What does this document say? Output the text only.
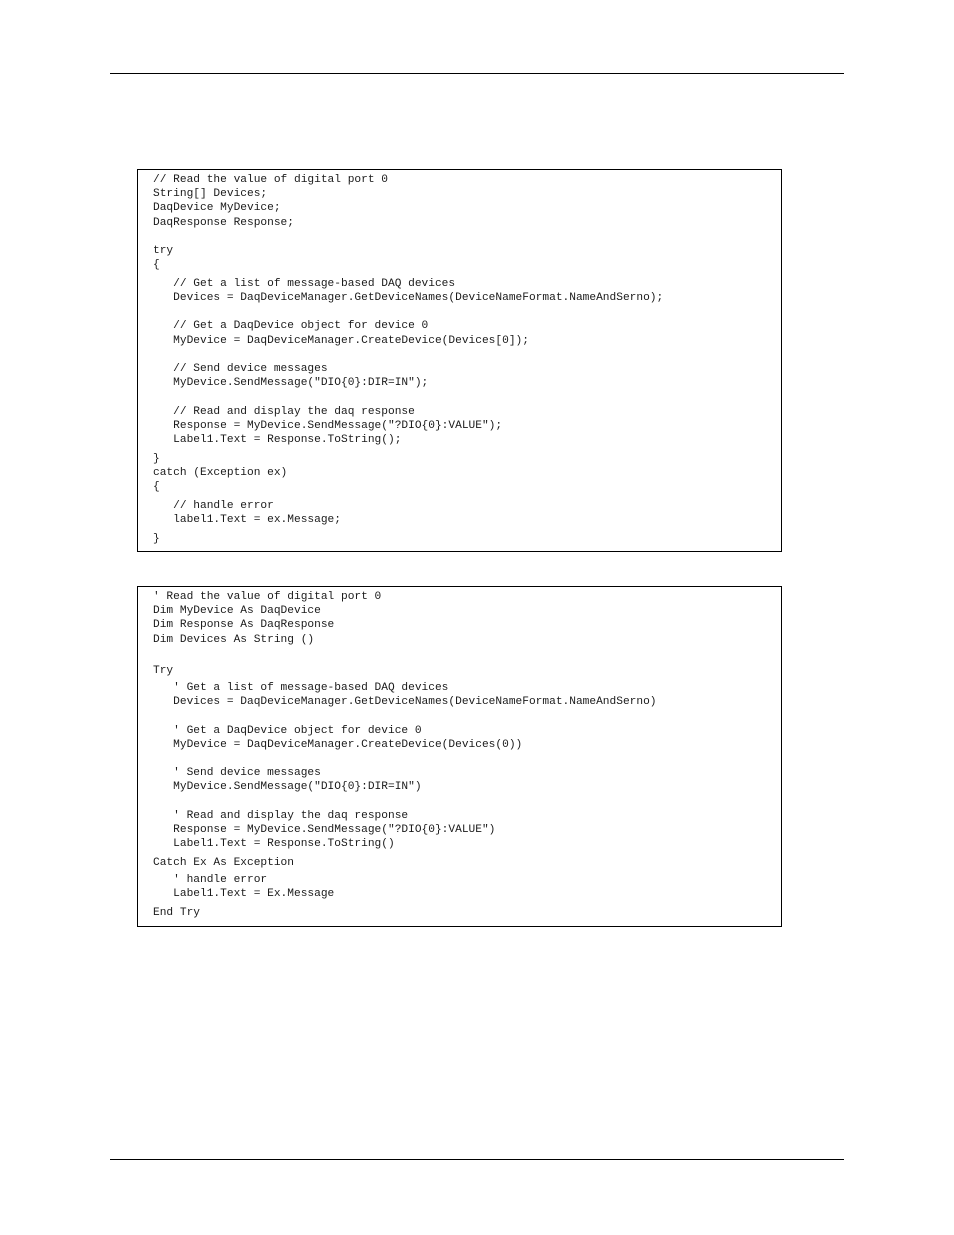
// Read the value of digital port 0
String[] Devices;
DaqDevice MyDevice;
DaqResponse Response;
try
{
// Get a list of message-based DAQ devices
Devices = DaqDeviceManager.GetDeviceNames(DeviceNameFormat.NameAndSerno);
// Get a DaqDevice object for device 0
MyDevice = DaqDeviceManager.CreateDevice(Devices[0]);
// Send device messages
MyDevice.SendMessage("DIO{0}:DIR=IN");
// Read and display the daq response
Response = MyDevice.SendMessage("?DIO{0}:VALUE");
Label1.Text = Response.ToString();
}
catch (Exception ex)
{
// handle error
label1.Text = ex.Message;
}
' Read the value of digital port 0
Dim MyDevice As DaqDevice
Dim Response As DaqResponse
Dim Devices As String ()
Try
' Get a list of message-based DAQ devices
Devices = DaqDeviceManager.GetDeviceNames(DeviceNameFormat.NameAndSerno)
' Get a DaqDevice object for device 0
MyDevice = DaqDeviceManager.CreateDevice(Devices(0))
' Send device messages
MyDevice.SendMessage("DIO{0}:DIR=IN")
' Read and display the daq response
Response = MyDevice.SendMessage("?DIO{0}:VALUE")
Label1.Text = Response.ToString()
Catch Ex As Exception
' handle error
Label1.Text = Ex.Message
End Try
